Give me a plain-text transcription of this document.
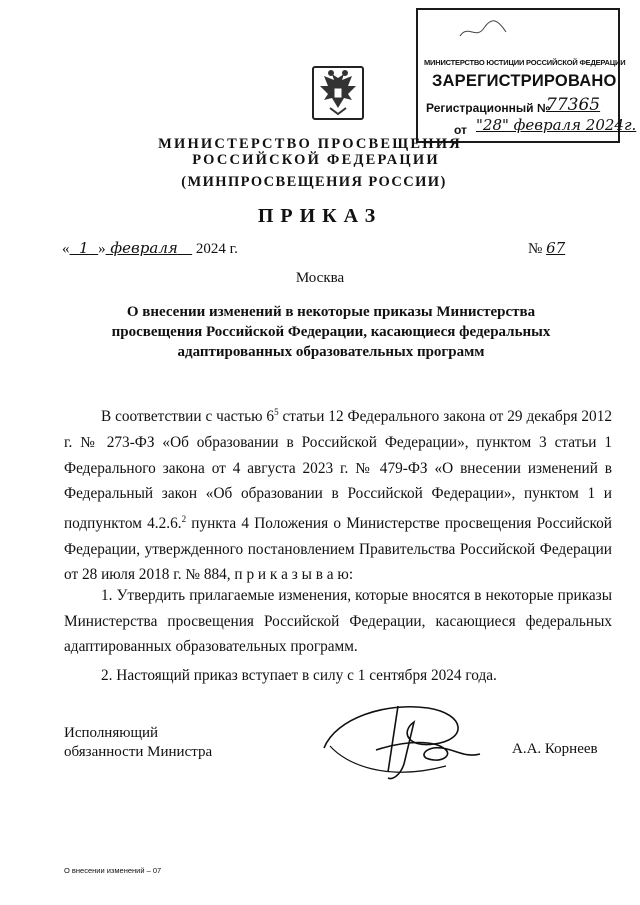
МИНИСТЕРСТВО ЮСТИЦИИ РОССИЙСКОЙ ФЕДЕРАЦИИ
ЗАРЕГИСТРИРОВАНО
Регистрационный №
77365
от "28" февраля 2024г.
МИНИСТЕРСТВО ПРОСВЕЩЕНИЯ
РОССИЙСКОЙ ФЕДЕРАЦИИ
(МИНПРОСВЕЩЕНИЯ РОССИИ)
ПРИКАЗ
« 1 » февраля 2024 г.	№ 67
Москва
О внесении изменений в некоторые приказы Министерства просвещения Российской Федерации, касающиеся федеральных адаптированных образовательных программ

В соответствии с частью $6^5$ статьи 12 Федерального закона от 29 декабря 2012 г. № 273-ФЗ «Об образовании в Российской Федерации», пунктом 3 статьи 1 Федерального закона от 4 августа 2023 г. № 479-ФЗ «О внесении изменений в Федеральный закон «Об образовании в Российской Федерации», пунктом 1 и подпунктом 4.2.6.$^2$ пункта 4 Положения о Министерстве просвещения Российской Федерации, утвержденного постановлением Правительства Российской Федерации от 28 июля 2018 г. № 884, п р и к а з ы в а ю:

1. Утвердить прилагаемые изменения, которые вносятся в некоторые приказы Министерства просвещения Российской Федерации, касающиеся федеральных адаптированных образовательных программ.

2. Настоящий приказ вступает в силу с 1 сентября 2024 года.

Исполняющий
обязанности Министра	А.А. Корнеев
О внесении изменений – 07
